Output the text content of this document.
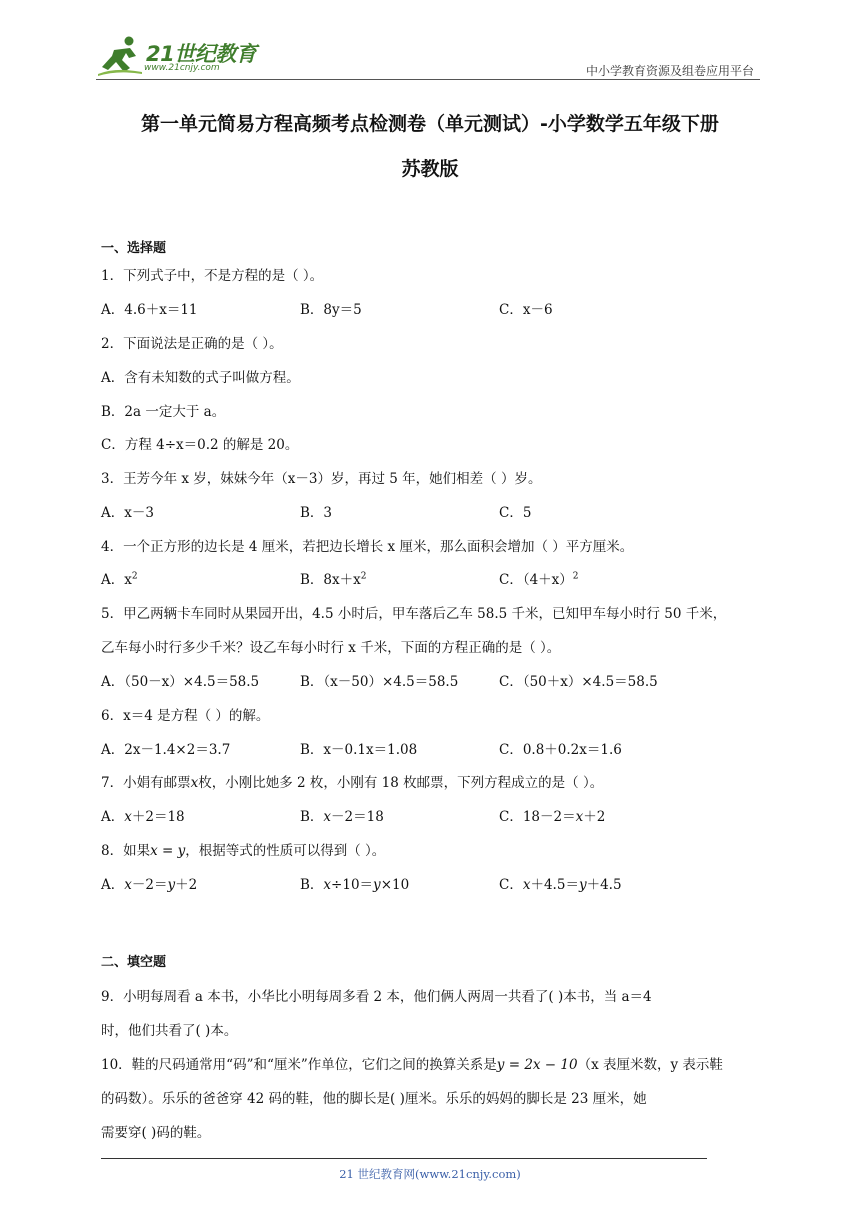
21世纪教育
www.21cnjy.com	中小学教育资源及组卷应用平台
第一单元简易方程高频考点检测卷（单元测试）-小学数学五年级下册
苏教版
一、选择题
1．下列式子中，不是方程的是（ ）。
A．4.6＋x＝11	B．8y＝5	C．x－6
2．下面说法是正确的是（ ）。
A．含有未知数的式子叫做方程。
B．2a 一定大于 a。
C．方程 4÷x＝0.2 的解是 20。
3．王芳今年 x 岁，妹妹今年（x－3）岁，再过 5 年，她们相差（ ）岁。
A．x－3	B．3	C．5
4．一个正方形的边长是 4 厘米，若把边长增长 x 厘米，那么面积会增加（ ）平方厘米。
A．$x^2$	B．$8x+x^2$	C．$(4+x)^2$
5．甲乙两辆卡车同时从果园开出，4.5 小时后，甲车落后乙车 58.5 千米，已知甲车每小时行 50 千米，
乙车每小时行多少千米？设乙车每小时行 x 千米，下面的方程正确的是（ ）。
A．（50－x）×4.5＝58.5	B．（x－50）×4.5＝58.5	C．（50＋x）×4.5＝58.5
6．x＝4 是方程（ ）的解。
A．2x－1.4×2＝3.7	B．x－0.1x＝1.08	C．0.8＋0.2x＝1.6
7．小娟有邮票x枚，小刚比她多 2 枚，小刚有 18 枚邮票，下列方程成立的是（ ）。
A．x＋2＝18	B．x－2＝18	C．18－2＝x＋2
8．如果x = y，根据等式的性质可以得到（ ）。
A．x－2＝y＋2	B．x÷10＝y×10	C．x＋4.5＝y＋4.5
二、填空题
9．小明每周看 a 本书，小华比小明每周多看 2 本，他们俩人两周一共看了( )本书，当 a＝4
时，他们共看了( )本。
10．鞋的尺码通常用“码”和“厘米”作单位，它们之间的换算关系是y = 2x − 10（x 表厘米数，y 表示鞋
的码数）。乐乐的爸爸穿 42 码的鞋，他的脚长是( )厘米。乐乐的妈妈的脚长是 23 厘米，她
需要穿( )码的鞋。
21 世纪教育网(www.21cnjy.com)
